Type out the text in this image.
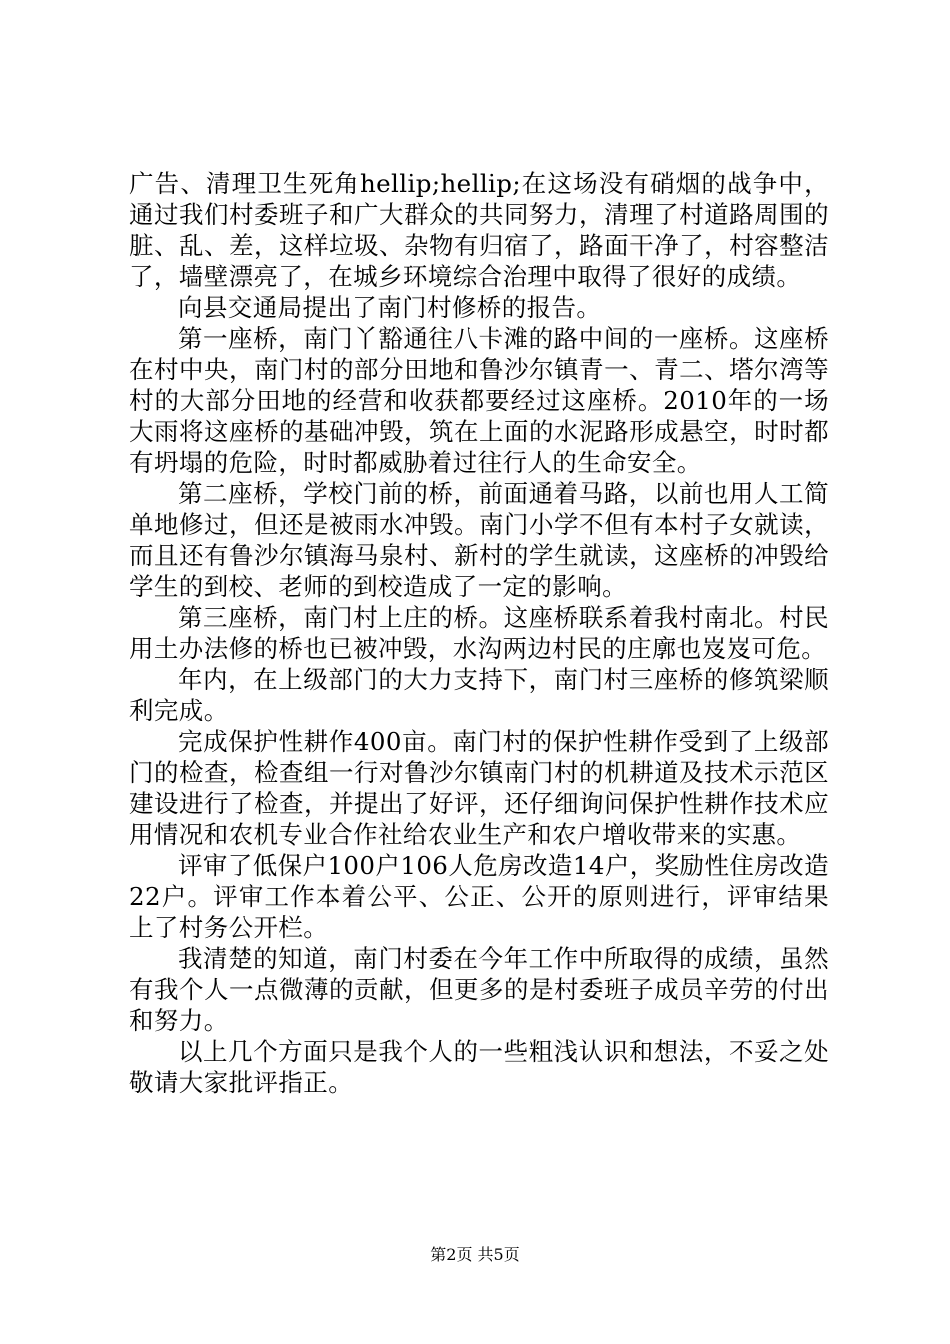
广告、清理卫生死角hellip;hellip;在这场没有硝烟的战争中，通过我们村委班子和广大群众的共同努力，清理了村道路周围的脏、乱、差，这样垃圾、杂物有归宿了，路面干净了，村容整洁了，墙壁漂亮了，在城乡环境综合治理中取得了很好的成绩。

向县交通局提出了南门村修桥的报告。

第一座桥，南门丫豁通往八卡滩的路中间的一座桥。这座桥在村中央，南门村的部分田地和鲁沙尔镇青一、青二、塔尔湾等村的大部分田地的经营和收获都要经过这座桥。2010年的一场大雨将这座桥的基础冲毁，筑在上面的水泥路形成悬空，时时都有坍塌的危险，时时都威胁着过往行人的生命安全。

第二座桥，学校门前的桥，前面通着马路，以前也用人工简单地修过，但还是被雨水冲毁。南门小学不但有本村子女就读，而且还有鲁沙尔镇海马泉村、新村的学生就读，这座桥的冲毁给学生的到校、老师的到校造成了一定的影响。

第三座桥，南门村上庄的桥。这座桥联系着我村南北。村民用土办法修的桥也已被冲毁，水沟两边村民的庄廓也岌岌可危。

年内，在上级部门的大力支持下，南门村三座桥的修筑梁顺利完成。

完成保护性耕作400亩。南门村的保护性耕作受到了上级部门的检查，检查组一行对鲁沙尔镇南门村的机耕道及技术示范区建设进行了检查，并提出了好评，还仔细询问保护性耕作技术应用情况和农机专业合作社给农业生产和农户增收带来的实惠。

评审了低保户100户106人危房改造14户，奖励性住房改造22户。评审工作本着公平、公正、公开的原则进行，评审结果上了村务公开栏。

我清楚的知道，南门村委在今年工作中所取得的成绩，虽然有我个人一点微薄的贡献，但更多的是村委班子成员辛劳的付出和努力。

以上几个方面只是我个人的一些粗浅认识和想法，不妥之处敬请大家批评指正。

第2页 共5页
